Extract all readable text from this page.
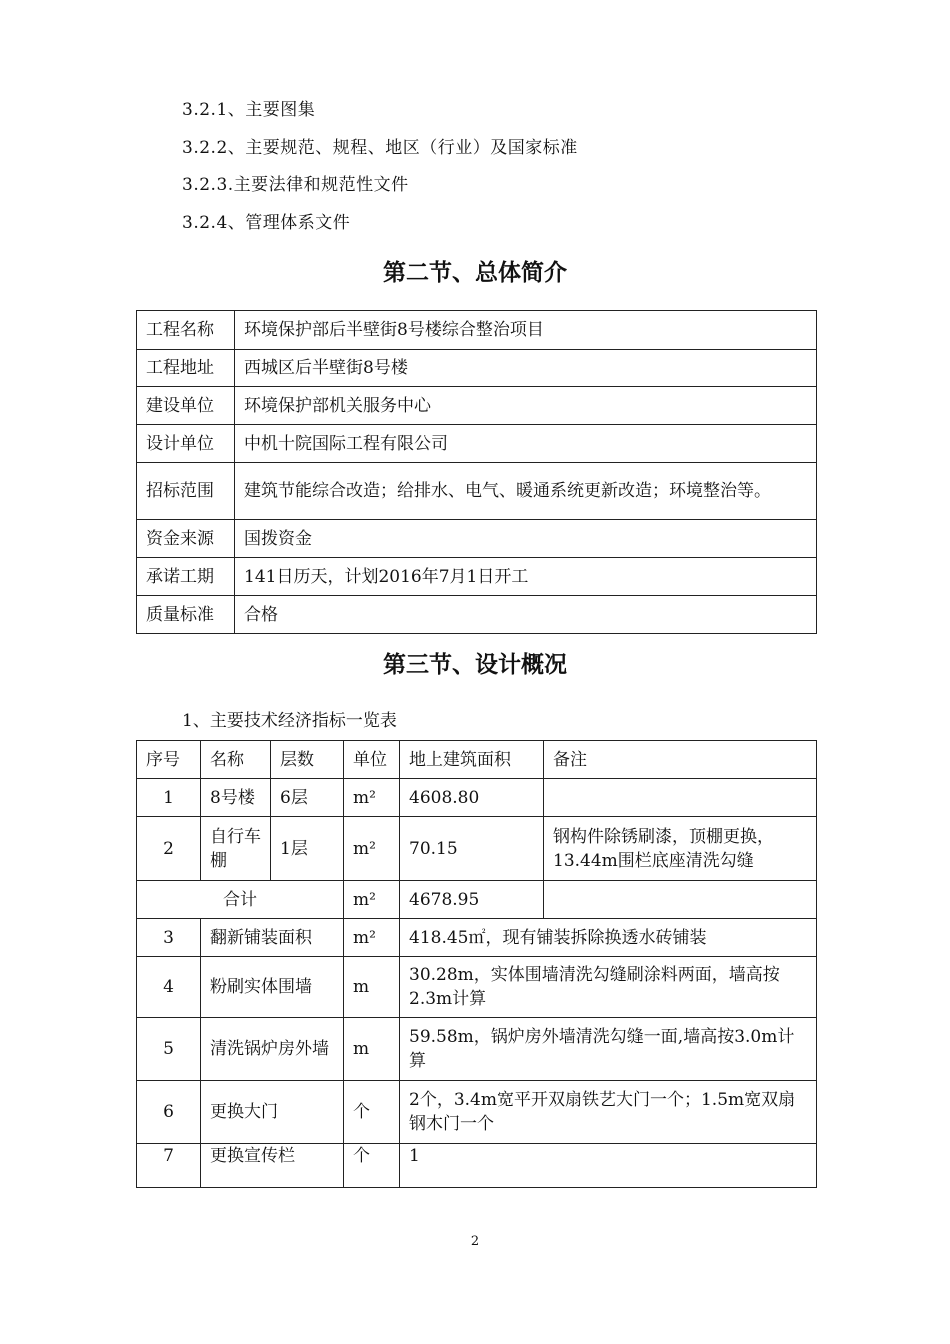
3.2.1、主要图集
3.2.2、主要规范、规程、地区（行业）及国家标准
3.2.3.主要法律和规范性文件
3.2.4、管理体系文件
第二节、总体简介
工程名称	环境保护部后半壁街8号楼综合整治项目
工程地址	西城区后半壁街8号楼
建设单位	环境保护部机关服务中心
设计单位	中机十院国际工程有限公司
招标范围	建筑节能综合改造；给排水、电气、暖通系统更新改造；环境整治等。
资金来源	国拨资金
承诺工期	141日历天，计划2016年7月1日开工
质量标准	合格
第三节、设计概况
1、主要技术经济指标一览表
序号	名称	层数	单位	地上建筑面积	备注
1	8号楼	6层	m²	4608.80	
2	自行车棚	1层	m²	70.15	钢构件除锈刷漆，顶棚更换，13.44m围栏底座清洗勾缝
合计			m²	4678.95	
3	翻新铺装面积		m²	418.45㎡，现有铺装拆除换透水砖铺装	
4	粉刷实体围墙		m	30.28m，实体围墙清洗勾缝刷涂料两面，墙高按2.3m计算	
5	清洗锅炉房外墙		m	59.58m，锅炉房外墙清洗勾缝一面,墙高按3.0m计算	
6	更换大门		个	2个，3.4m宽平开双扇铁艺大门一个；1.5m宽双扇钢木门一个	
7	更换宣传栏		个	1	
2
